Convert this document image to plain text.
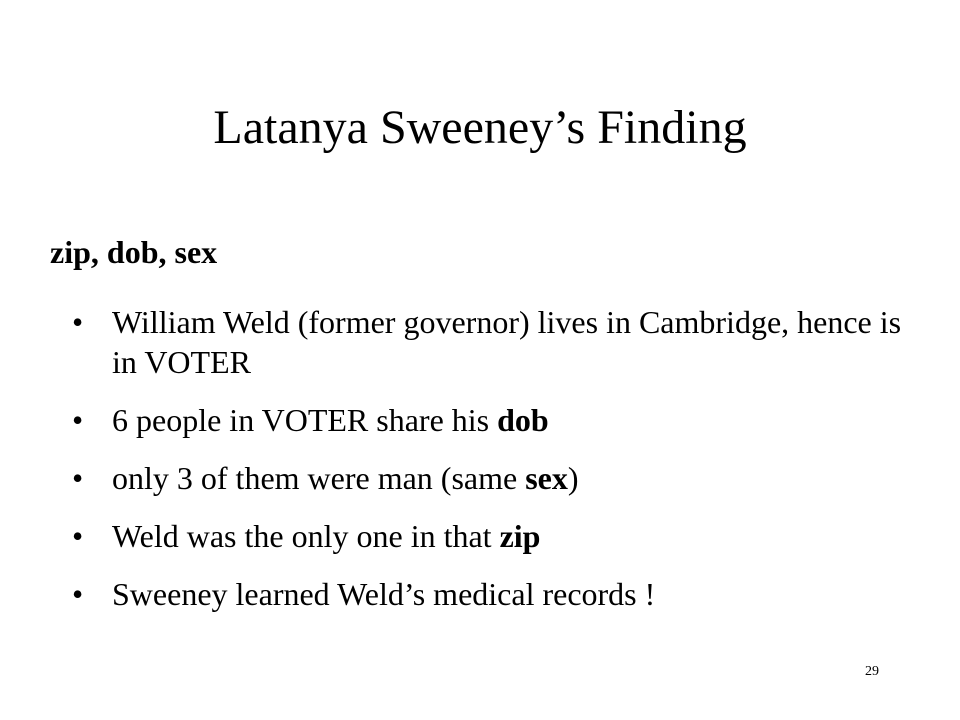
Latanya Sweeney’s Finding

zip, dob, sex

• William Weld (former governor) lives in Cambridge, hence is in VOTER
• 6 people in VOTER share his dob
• only 3 of them were man (same sex)
• Weld was the only one in that zip
• Sweeney learned Weld’s medical records !
29
